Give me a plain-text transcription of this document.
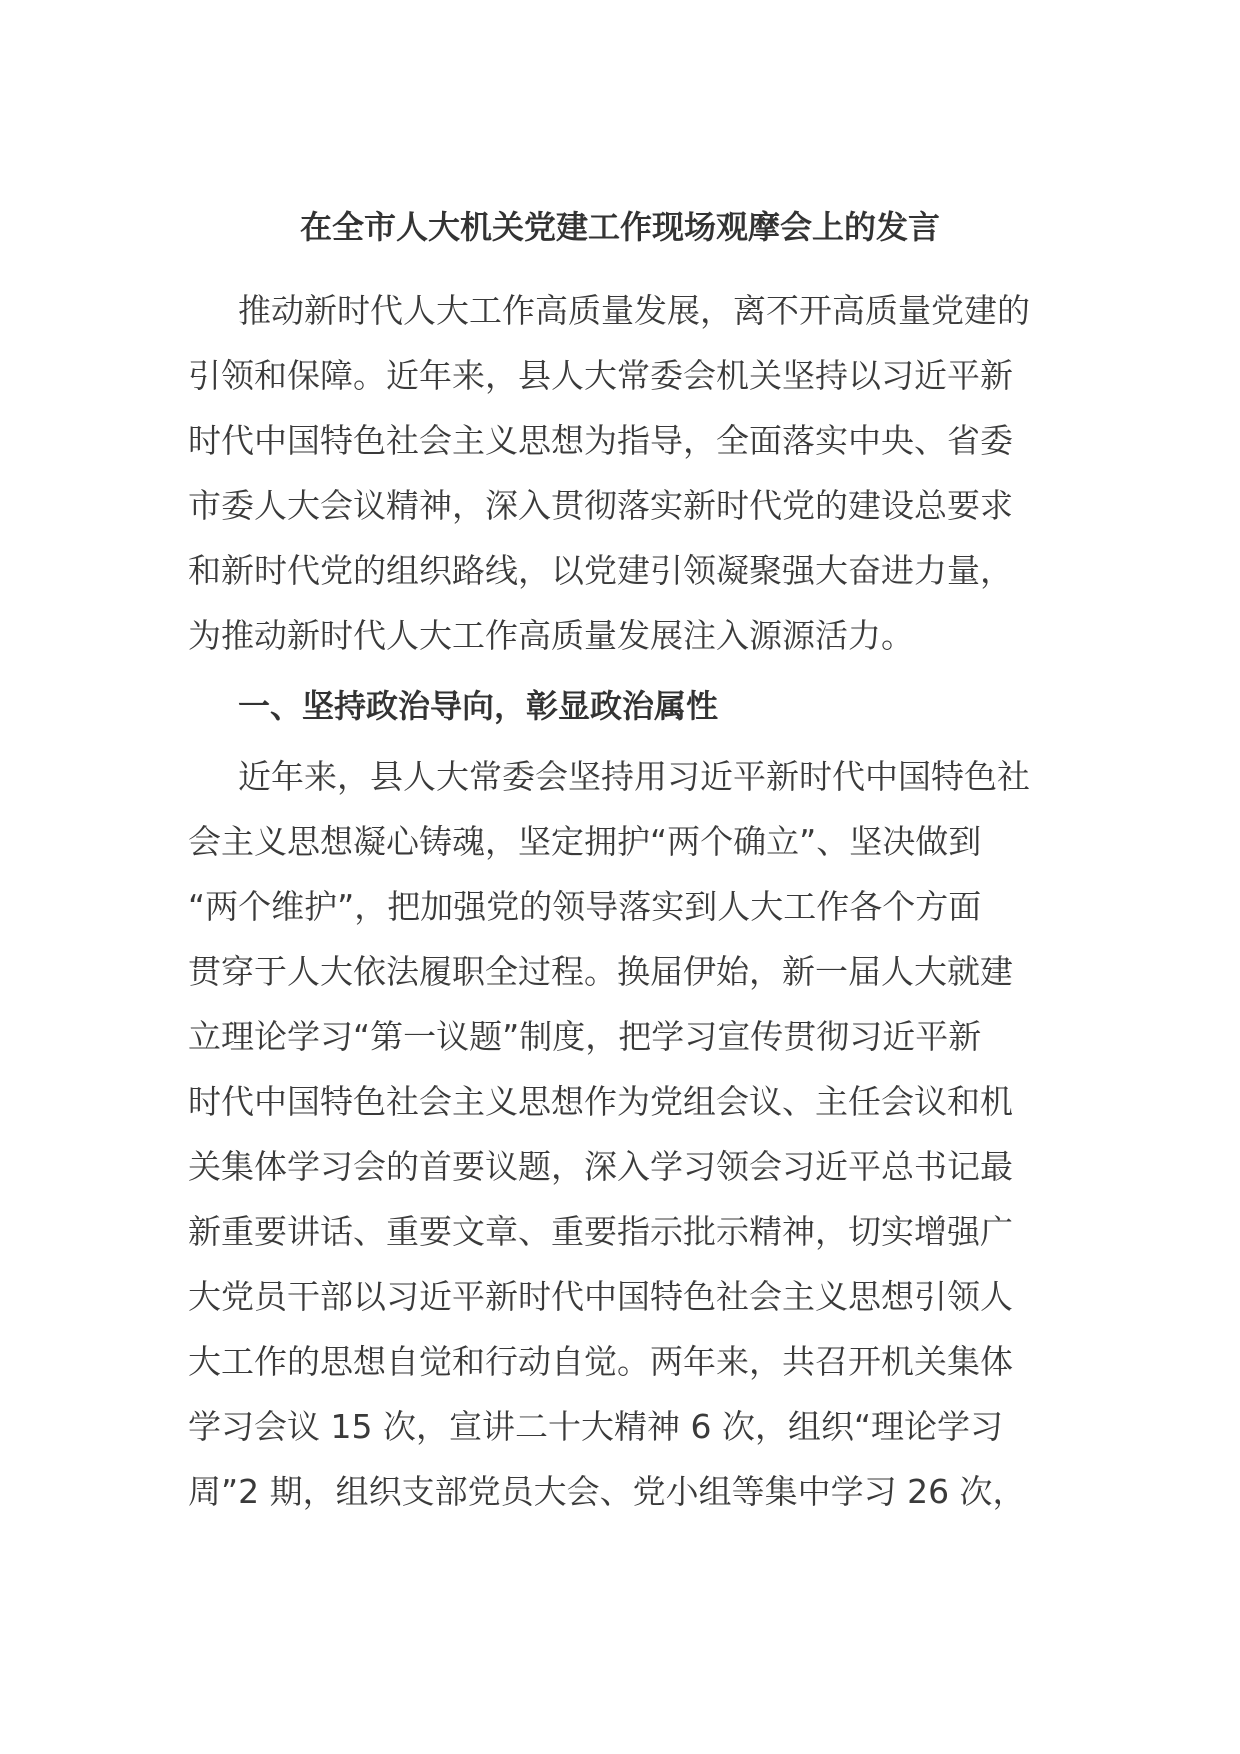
在全市人大机关党建工作现场观摩会上的发言
推动新时代人大工作高质量发展，离不开高质量党建的
引领和保障。近年来，县人大常委会机关坚持以习近平新
时代中国特色社会主义思想为指导，全面落实中央、省委
市委人大会议精神，深入贯彻落实新时代党的建设总要求
和新时代党的组织路线，以党建引领凝聚强大奋进力量，
为推动新时代人大工作高质量发展注入源源活力。
一、坚持政治导向，彰显政治属性
近年来，县人大常委会坚持用习近平新时代中国特色社
会主义思想凝心铸魂，坚定拥护“两个确立”、坚决做到
“两个维护”，把加强党的领导落实到人大工作各个方面
贯穿于人大依法履职全过程。换届伊始，新一届人大就建
立理论学习“第一议题”制度，把学习宣传贯彻习近平新
时代中国特色社会主义思想作为党组会议、主任会议和机
关集体学习会的首要议题，深入学习领会习近平总书记最
新重要讲话、重要文章、重要指示批示精神，切实增强广
大党员干部以习近平新时代中国特色社会主义思想引领人
大工作的思想自觉和行动自觉。两年来，共召开机关集体
学习会议 15 次，宣讲二十大精神 6 次，组织“理论学习
周”2 期，组织支部党员大会、党小组等集中学习 26 次，
